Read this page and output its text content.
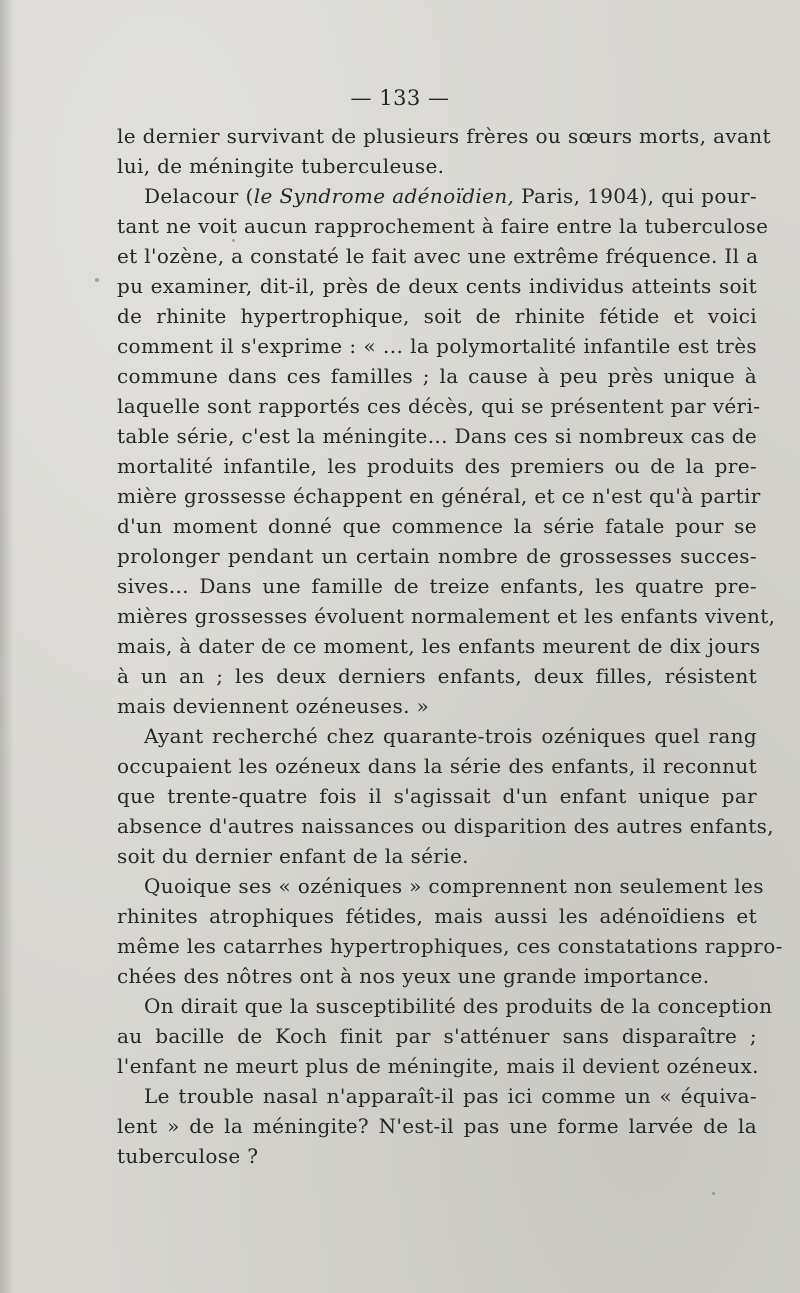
— 133 —
le dernier survivant de plusieurs frères ou sœurs morts, avant
lui, de méningite tuberculeuse.
Delacour (le Syndrome adénoïdien, Paris, 1904), qui pour-
tant ne voit aucun rapprochement à faire entre la tuberculose
et l'ozène, a constaté le fait avec une extrême fréquence. Il a
pu examiner, dit-il, près de deux cents individus atteints soit
de rhinite hypertrophique, soit de rhinite fétide et voici
comment il s'exprime : « ... la polymortalité infantile est très
commune dans ces familles ; la cause à peu près unique à
laquelle sont rapportés ces décès, qui se présentent par véri-
table série, c'est la méningite... Dans ces si nombreux cas de
mortalité infantile, les produits des premiers ou de la pre-
mière grossesse échappent en général, et ce n'est qu'à partir
d'un moment donné que commence la série fatale pour se
prolonger pendant un certain nombre de grossesses succes-
sives... Dans une famille de treize enfants, les quatre pre-
mières grossesses évoluent normalement et les enfants vivent,
mais, à dater de ce moment, les enfants meurent de dix jours
à un an ; les deux derniers enfants, deux filles, résistent
mais deviennent ozéneuses. »
Ayant recherché chez quarante-trois ozéniques quel rang
occupaient les ozéneux dans la série des enfants, il reconnut
que trente-quatre fois il s'agissait d'un enfant unique par
absence d'autres naissances ou disparition des autres enfants,
soit du dernier enfant de la série.
Quoique ses « ozéniques » comprennent non seulement les
rhinites atrophiques fétides, mais aussi les adénoïdiens et
même les catarrhes hypertrophiques, ces constatations rappro-
chées des nôtres ont à nos yeux une grande importance.
On dirait que la susceptibilité des produits de la conception
au bacille de Koch finit par s'atténuer sans disparaître ;
l'enfant ne meurt plus de méningite, mais il devient ozéneux.
Le trouble nasal n'apparaît-il pas ici comme un « équiva-
lent » de la méningite? N'est-il pas une forme larvée de la
tuberculose ?
